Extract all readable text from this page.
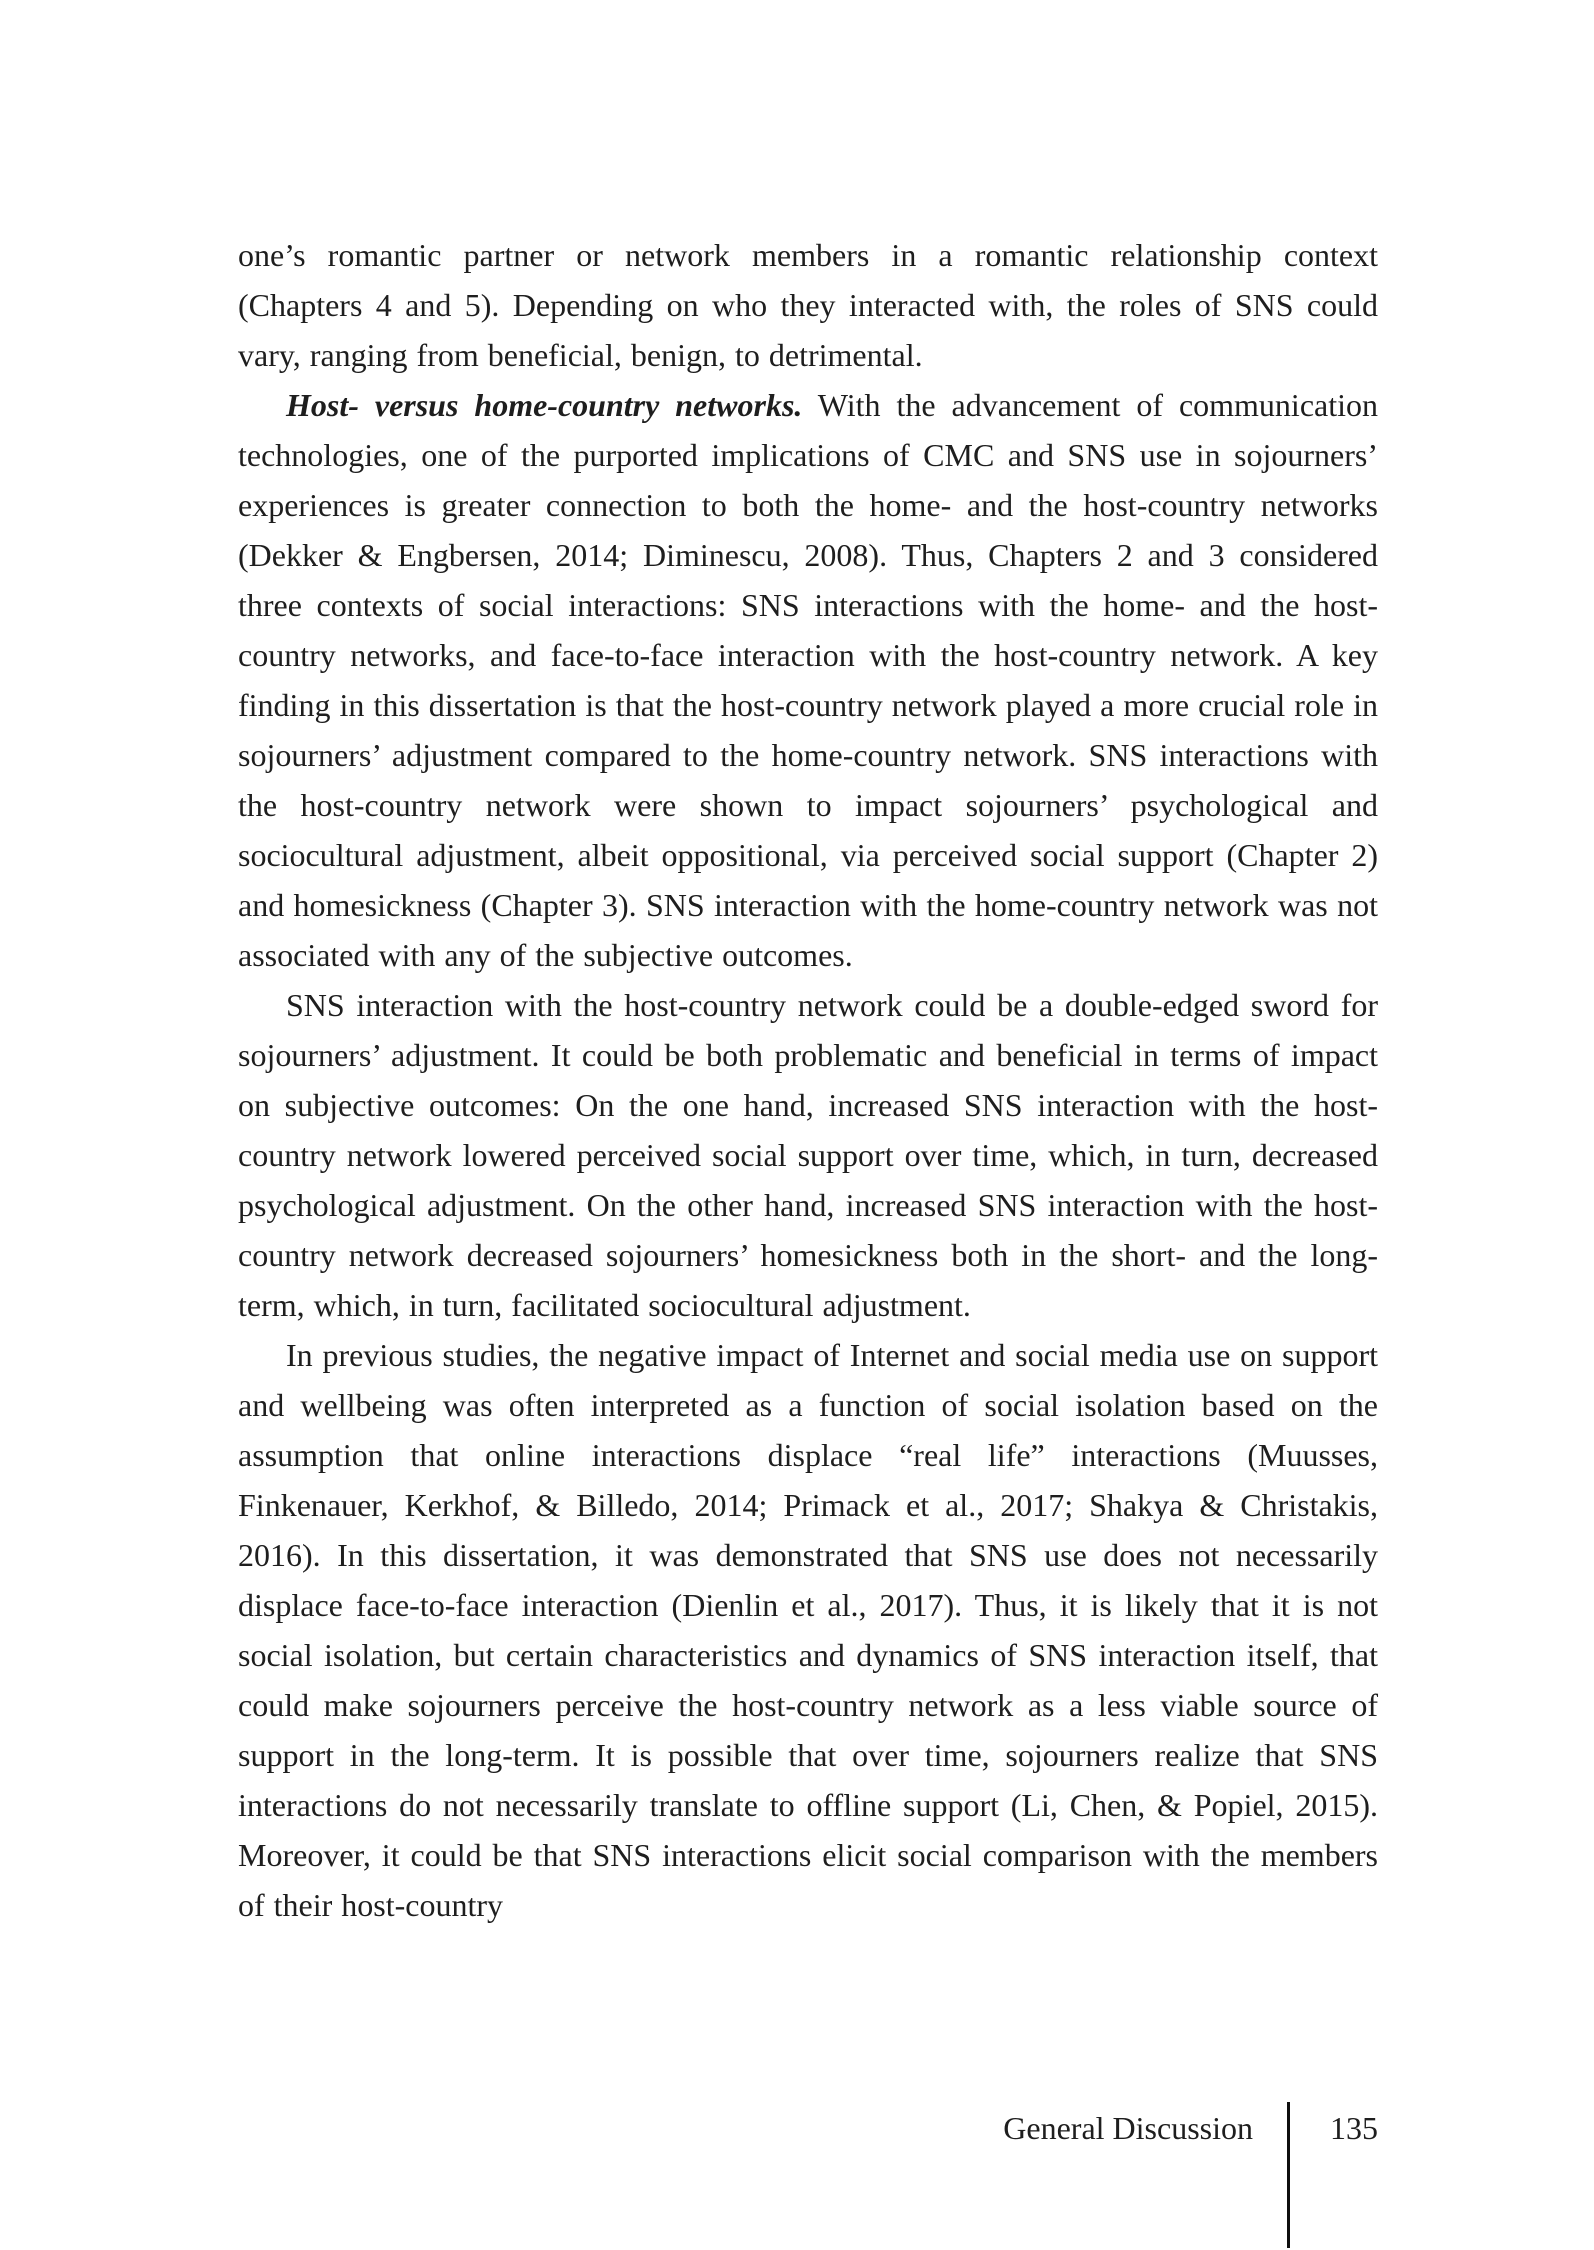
one’s romantic partner or network members in a romantic relationship context (Chapters 4 and 5). Depending on who they interacted with, the roles of SNS could vary, ranging from beneficial, benign, to detrimental.

Host- versus home-country networks. With the advancement of communication technologies, one of the purported implications of CMC and SNS use in sojourners’ experiences is greater connection to both the home- and the host-country networks (Dekker & Engbersen, 2014; Diminescu, 2008). Thus, Chapters 2 and 3 considered three contexts of social interactions: SNS interactions with the home- and the host-country networks, and face-to-face interaction with the host-country network. A key finding in this dissertation is that the host-country network played a more crucial role in sojourners’ adjustment compared to the home-country network. SNS interactions with the host-country network were shown to impact sojourners’ psychological and sociocultural adjustment, albeit oppositional, via perceived social support (Chapter 2) and homesickness (Chapter 3). SNS interaction with the home-country network was not associated with any of the subjective outcomes.

SNS interaction with the host-country network could be a double-edged sword for sojourners’ adjustment. It could be both problematic and beneficial in terms of impact on subjective outcomes: On the one hand, increased SNS interaction with the host-country network lowered perceived social support over time, which, in turn, decreased psychological adjustment. On the other hand, increased SNS interaction with the host-country network decreased sojourners’ homesickness both in the short- and the long-term, which, in turn, facilitated sociocultural adjustment.

In previous studies, the negative impact of Internet and social media use on support and wellbeing was often interpreted as a function of social isolation based on the assumption that online interactions displace “real life” interactions (Muusses, Finkenauer, Kerkhof, & Billedo, 2014; Primack et al., 2017; Shakya & Christakis, 2016). In this dissertation, it was demonstrated that SNS use does not necessarily displace face-to-face interaction (Dienlin et al., 2017). Thus, it is likely that it is not social isolation, but certain characteristics and dynamics of SNS interaction itself, that could make sojourners perceive the host-country network as a less viable source of support in the long-term. It is possible that over time, sojourners realize that SNS interactions do not necessarily translate to offline support (Li, Chen, & Popiel, 2015). Moreover, it could be that SNS interactions elicit social comparison with the members of their host-country

General Discussion 135
